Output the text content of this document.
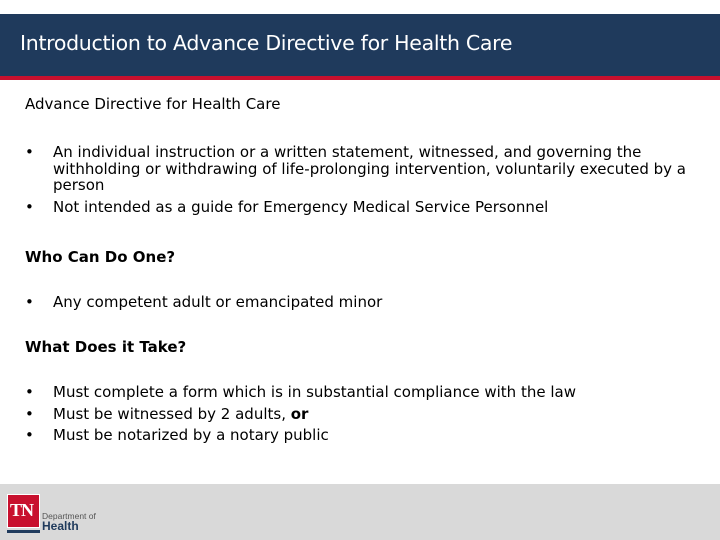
Introduction to Advance Directive for Health Care
Advance Directive for Health Care
• An individual instruction or a written statement, witnessed, and governing the withholding or withdrawing of life-prolonging intervention, voluntarily executed by a person
• Not intended as a guide for Emergency Medical Service Personnel
Who Can Do One?
• Any competent adult or emancipated minor
What Does it Take?
• Must complete a form which is in substantial compliance with the law
• Must be witnessed by 2 adults, or
• Must be notarized by a notary public
TN Department of
Health
